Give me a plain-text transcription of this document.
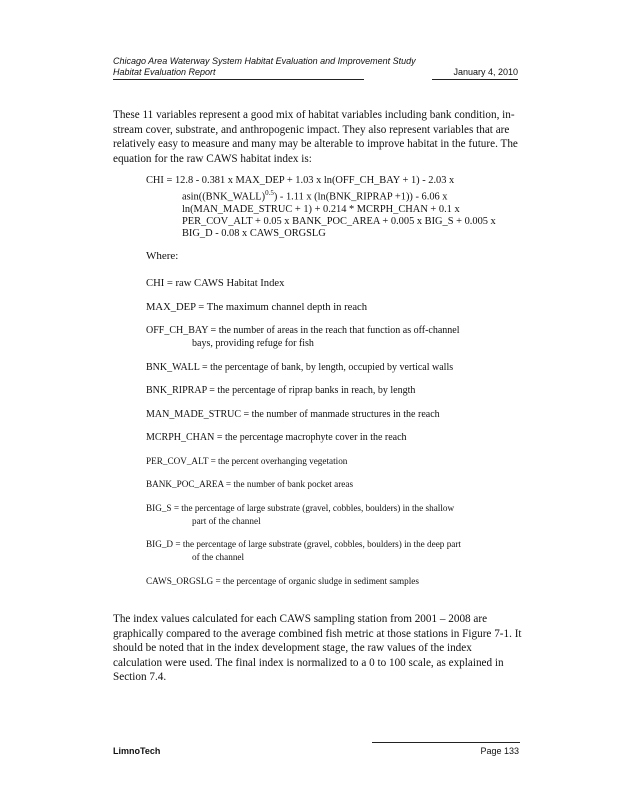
Chicago Area Waterway System Habitat Evaluation and Improvement Study
Habitat Evaluation Report	January 4, 2010

These 11 variables represent a good mix of habitat variables including bank condition, in-stream cover, substrate, and anthropogenic impact. They also represent variables that are relatively easy to measure and many may be alterable to improve habitat in the future. The equation for the raw CAWS habitat index is:

CHI = 12.8 - 0.381 x MAX_DEP + 1.03 x ln(OFF_CH_BAY + 1) - 2.03 x
asin((BNK_WALL)$^{0.5}$) - 1.11 x (ln(BNK_RIPRAP +1)) - 6.06 x
ln(MAN_MADE_STRUC + 1) + 0.214 * MCRPH_CHAN + 0.1 x
PER_COV_ALT + 0.05 x BANK_POC_AREA + 0.005 x BIG_S + 0.005 x
BIG_D - 0.08 x CAWS_ORGSLG
Where:
CHI = raw CAWS Habitat Index
MAX_DEP = The maximum channel depth in reach
OFF_CH_BAY = the number of areas in the reach that function as off-channel
bays, providing refuge for fish
BNK_WALL = the percentage of bank, by length, occupied by vertical walls
BNK_RIPRAP = the percentage of riprap banks in reach, by length
MAN_MADE_STRUC = the number of manmade structures in the reach
MCRPH_CHAN = the percentage macrophyte cover in the reach
PER_COV_ALT = the percent overhanging vegetation
BANK_POC_AREA = the number of bank pocket areas
BIG_S = the percentage of large substrate (gravel, cobbles, boulders) in the shallow
part of the channel
BIG_D = the percentage of large substrate (gravel, cobbles, boulders) in the deep part
of the channel
CAWS_ORGSLG = the percentage of organic sludge in sediment samples

The index values calculated for each CAWS sampling station from 2001 – 2008 are graphically compared to the average combined fish metric at those stations in Figure 7-1. It should be noted that in the index development stage, the raw values of the index calculation were used. The final index is normalized to a 0 to 100 scale, as explained in Section 7.4.

LimnoTech	Page 133
